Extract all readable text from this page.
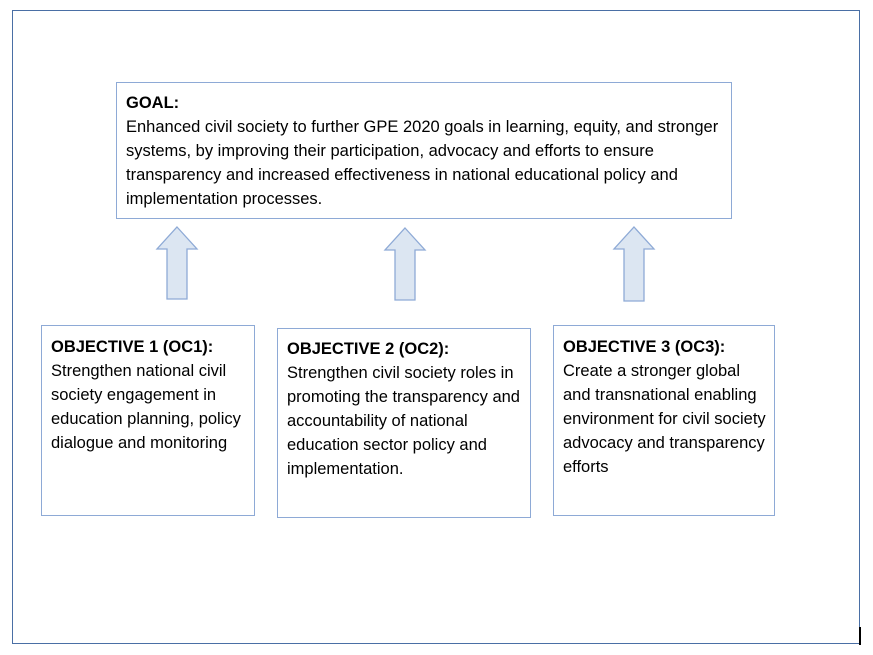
GOAL:
Enhanced civil society to further GPE 2020 goals in learning, equity, and stronger systems, by improving their participation, advocacy and efforts to ensure transparency and increased effectiveness in national educational policy and implementation processes.
OBJECTIVE 1 (OC1):
Strengthen national civil society engagement in education planning, policy dialogue and monitoring
OBJECTIVE 2 (OC2):
Strengthen civil society roles in promoting the transparency and accountability of national education sector policy and implementation.
OBJECTIVE 3 (OC3):
Create a stronger global and transnational enabling environment for civil society advocacy and transparency efforts
